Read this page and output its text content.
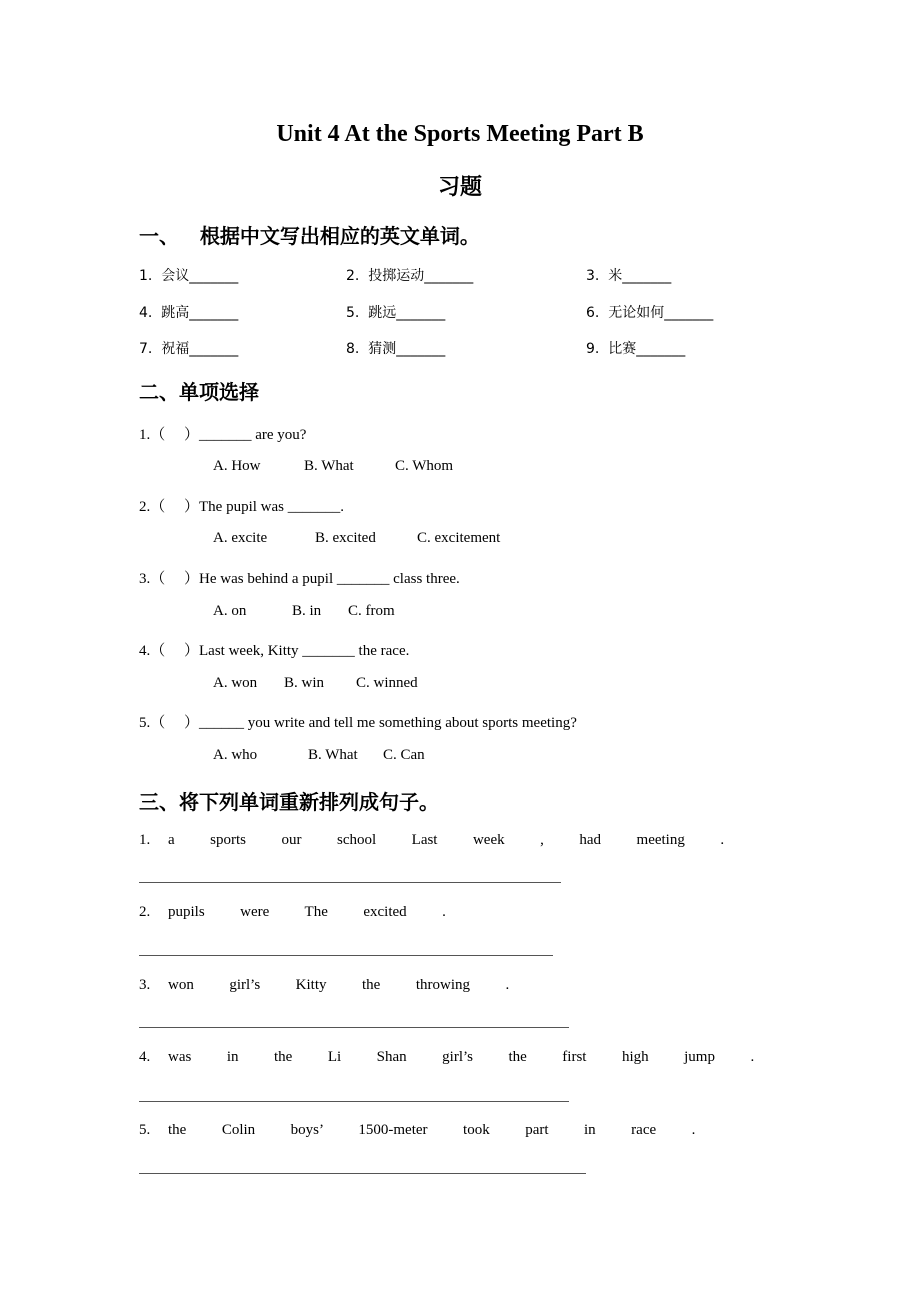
Unit 4 At the Sports Meeting Part B
习题
一、   根据中文写出相应的英文单词。
1.  会议_______	2.  投掷运动_______	3.  米_______
4.  跳高_______	5.  跳远_______	6.  无论如何_______
7.  祝福_______	8.  猜测_______	9.  比赛_______
二、单项选择
1.（     ）_______ are you?
A. How	B. What	C. Whom
2.（     ）The pupil was _______.
A. excite	B. excited	C. excitement
3.（     ）He was behind a pupil _______ class three.
A. on	B. in C. from
4.（     ）Last week, Kitty _______ the race.
A. won B. win C. winned
5.（     ）______ you write and tell me something about sports meeting?
A. who	B. What C. Can
三、将下列单词重新排列成句子。
1. a  sports  our  school  Last  week  ,  had  meeting  .
2. pupils  were  The  excited  .
3. won  girl’s  Kitty  the  throwing  .
4. was  in  the  Li  Shan  girl’s  the  first  high  jump  .
5. the  Colin  boys’  1500-meter  took  part  in  race  .
